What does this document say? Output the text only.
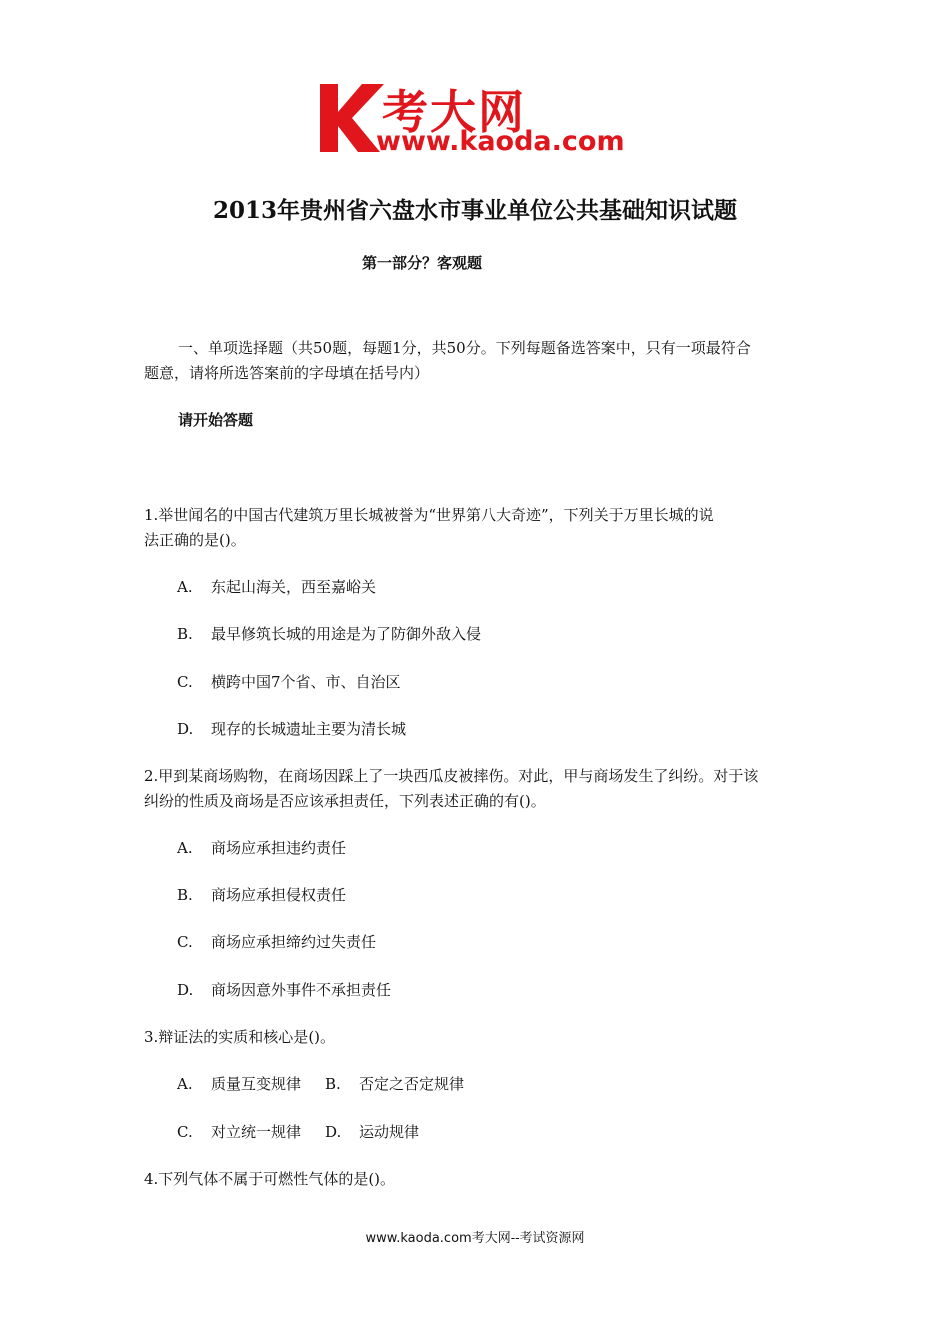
考大网
www.kaoda.com
2013年贵州省六盘水市事业单位公共基础知识试题
第一部分？客观题
一、单项选择题（共50题，每题1分，共50分。下列每题备选答案中，只有一项最符合
题意，请将所选答案前的字母填在括号内）
请开始答题
1.举世闻名的中国古代建筑万里长城被誉为“世界第八大奇迹”，下列关于万里长城的说
法正确的是()。
A. 东起山海关，西至嘉峪关
B. 最早修筑长城的用途是为了防御外敌入侵
C. 横跨中国7个省、市、自治区
D. 现存的长城遗址主要为清长城
2.甲到某商场购物，在商场因踩上了一块西瓜皮被摔伤。对此，甲与商场发生了纠纷。对于该
纠纷的性质及商场是否应该承担责任，下列表述正确的有()。
A. 商场应承担违约责任
B. 商场应承担侵权责任
C. 商场应承担缔约过失责任
D. 商场因意外事件不承担责任
3.辩证法的实质和核心是()。
A. 质量互变规律 B. 否定之否定规律
C. 对立统一规律 D. 运动规律
4.下列气体不属于可燃性气体的是()。
www.kaoda.com考大网--考试资源网
